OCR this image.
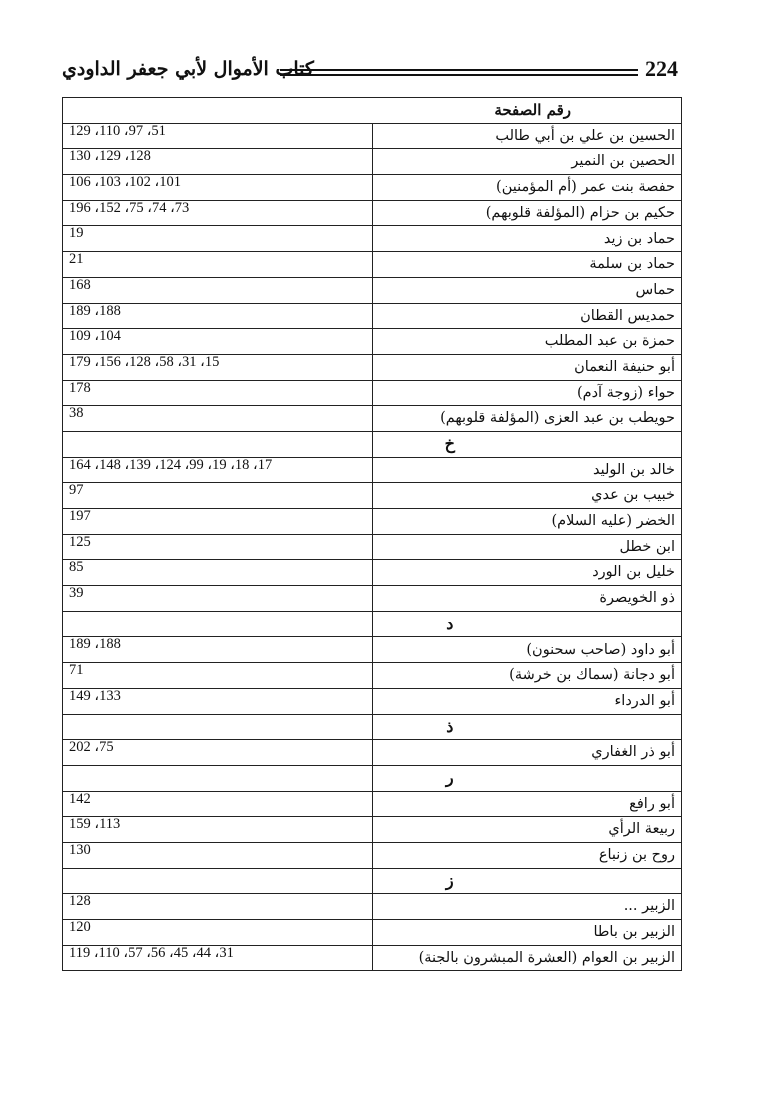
كتاب الأموال لأبي جعفر الداودي	224
رقم الصفحة	
الحسين بن علي بن أبي طالب	51، 97، 110، 129
الحصين بن النمير	128، 129، 130
حفصة بنت عمر (أم المؤمنين)	101، 102، 103، 106
حكيم بن حزام (المؤلفة قلوبهم)	73، 74، 75، 152، 196
حماد بن زيد	19
حماد بن سلمة	21
حماس	168
حمديس القطان	188، 189
حمزة بن عبد المطلب	104، 109
أبو حنيفة النعمان	15، 31، 58، 128، 156، 179
حواء (زوجة آدم)	178
حويطب بن عبد العزى (المؤلفة قلوبهم)	38
خ	
خالد بن الوليد	17، 18، 19، 99، 124، 139، 148، 164
خبيب بن عدي	97
الخضر (عليه السلام)	197
ابن خطل	125
خليل بن الورد	85
ذو الخويصرة	39
د	
أبو داود (صاحب سحنون)	188، 189
أبو دجانة (سماك بن خرشة)	71
أبو الدرداء	133، 149
ذ	
أبو ذر الغفاري	75، 202
ر	
أبو رافع	142
ربيعة الرأي	113، 159
روح بن زنباع	130
ز	
الزبير ...	128
الزبير بن باطا	120
الزبير بن العوام (العشرة المبشرون بالجنة)	31، 44، 45، 56، 57، 110، 119
